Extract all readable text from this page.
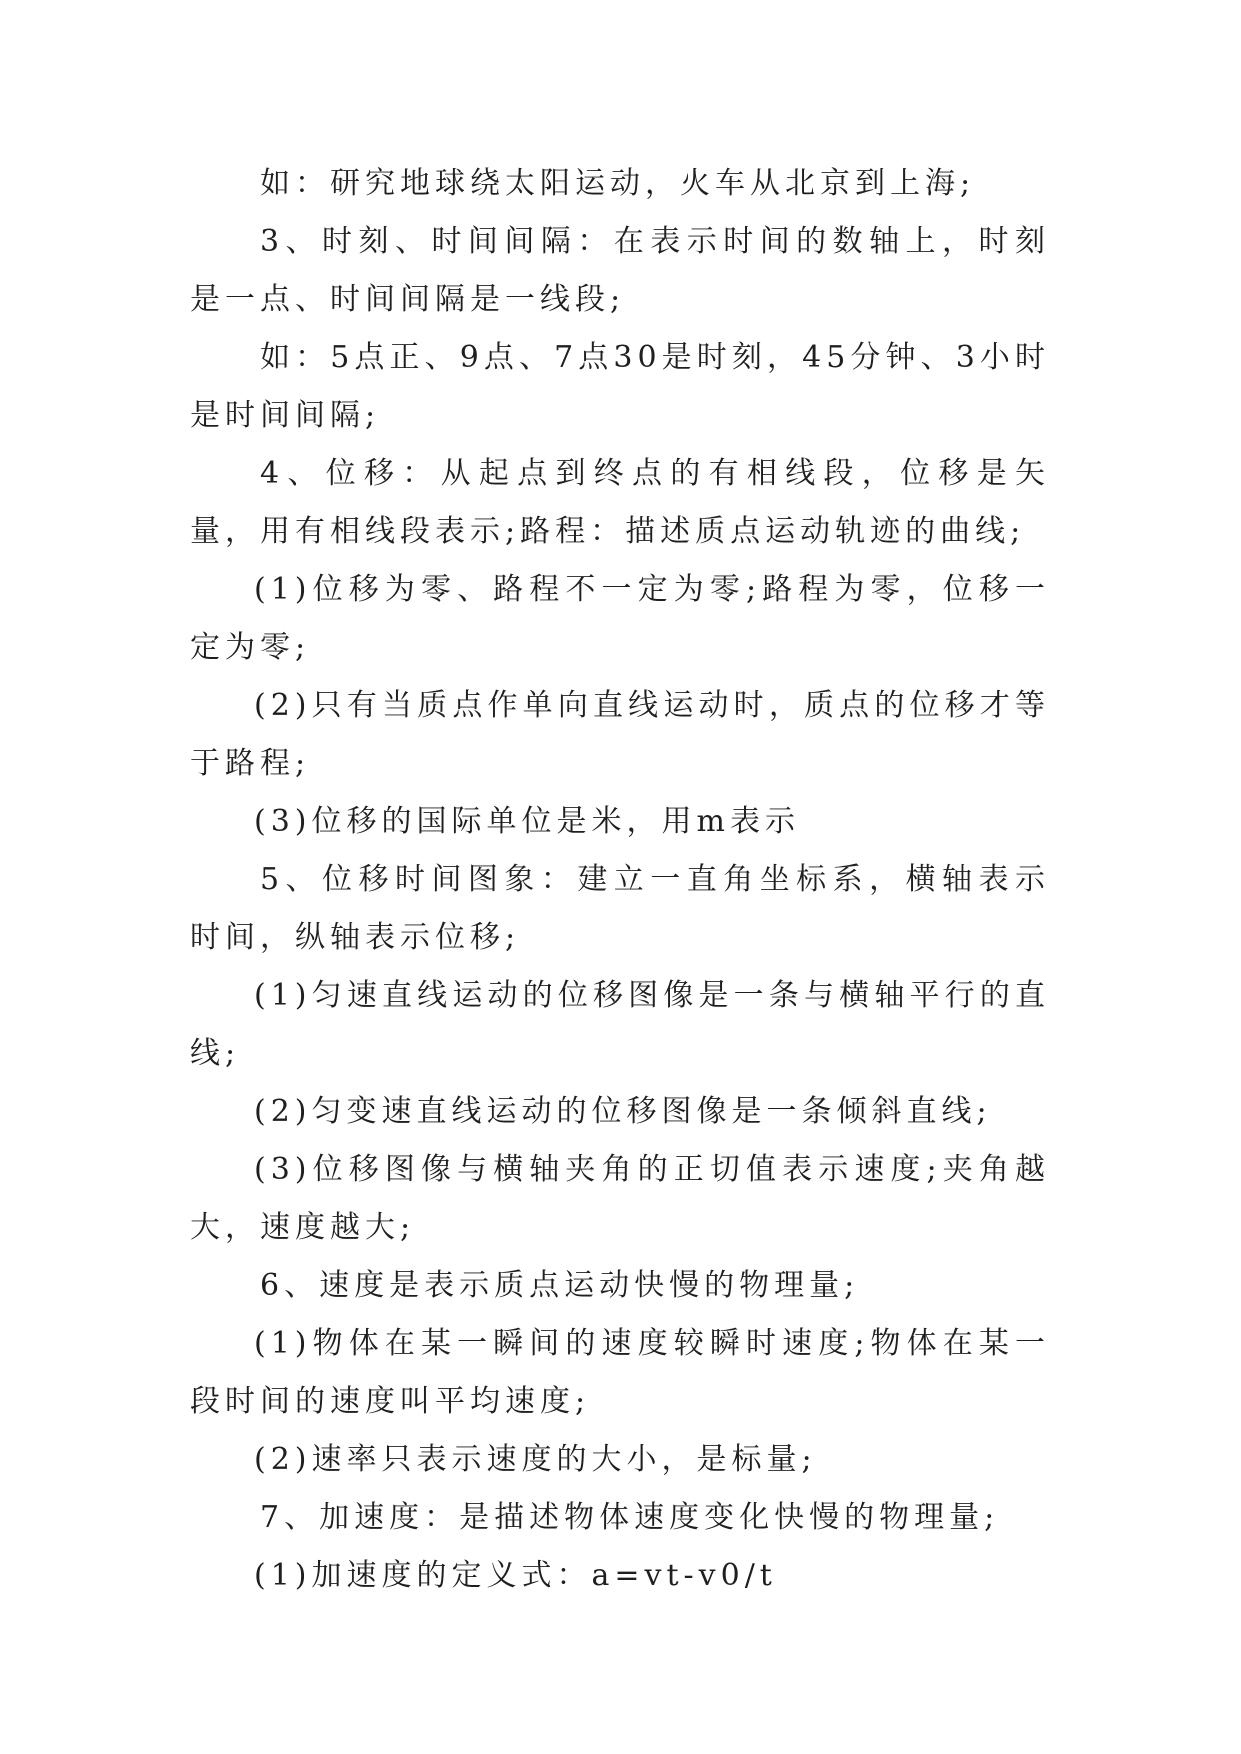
如：研究地球绕太阳运动，火车从北京到上海;

3、时刻、时间间隔：在表示时间的数轴上，时刻是一点、时间间隔是一线段;

如：5点正、9点、7点30是时刻，45分钟、3小时是时间间隔;

4、位移：从起点到终点的有相线段，位移是矢量，用有相线段表示;路程：描述质点运动轨迹的曲线;

(1)位移为零、路程不一定为零;路程为零，位移一定为零;

(2)只有当质点作单向直线运动时，质点的位移才等于路程;

(3)位移的国际单位是米，用m表示

5、位移时间图象：建立一直角坐标系，横轴表示时间，纵轴表示位移;

(1)匀速直线运动的位移图像是一条与横轴平行的直线;

(2)匀变速直线运动的位移图像是一条倾斜直线;

(3)位移图像与横轴夹角的正切值表示速度;夹角越大，速度越大;

6、速度是表示质点运动快慢的物理量;

(1)物体在某一瞬间的速度较瞬时速度;物体在某一段时间的速度叫平均速度;

(2)速率只表示速度的大小，是标量;

7、加速度：是描述物体速度变化快慢的物理量;

(1)加速度的定义式：a=vt-v0/t
